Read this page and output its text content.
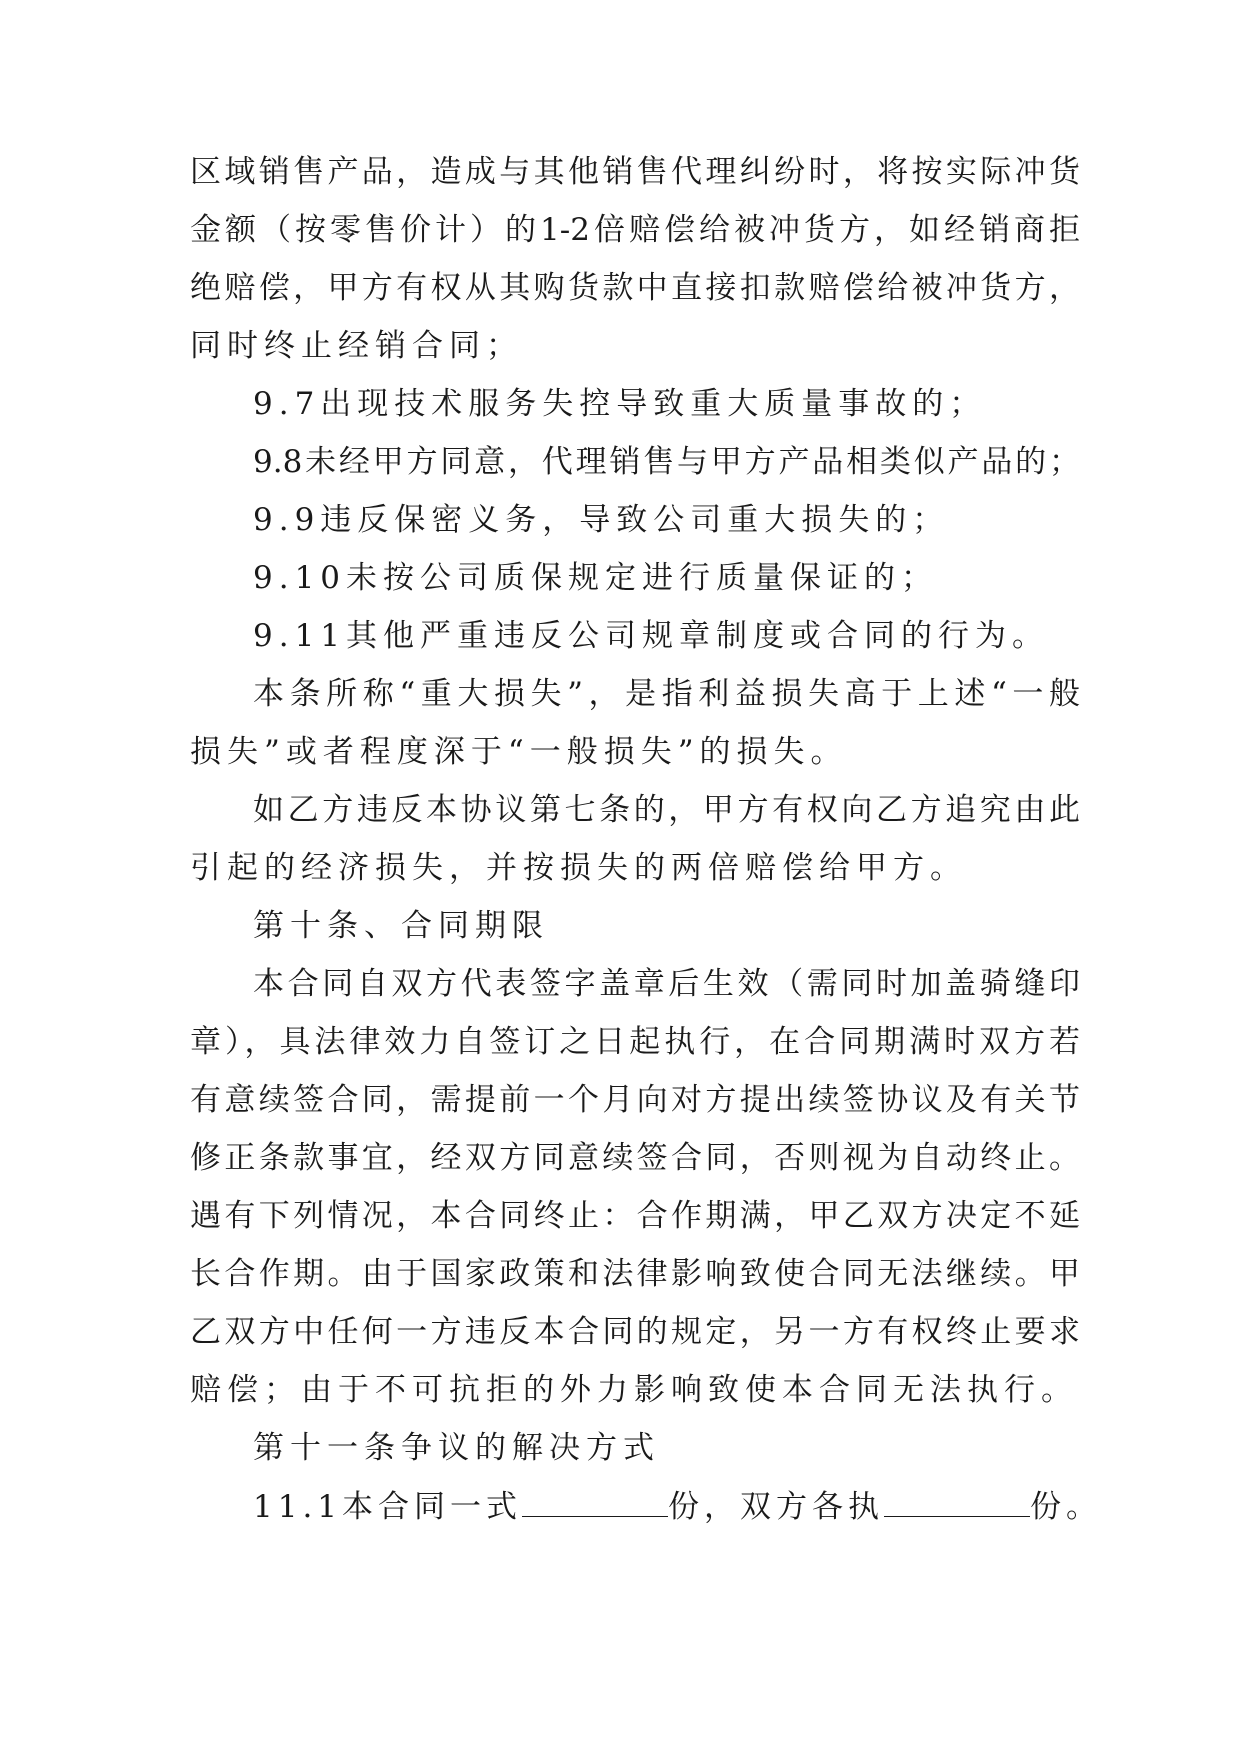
区域销售产品，造成与其他销售代理纠纷时，将按实际冲货
金额（按零售价计）的1-2倍赔偿给被冲货方，如经销商拒
绝赔偿，甲方有权从其购货款中直接扣款赔偿给被冲货方，
同时终止经销合同；
9.7出现技术服务失控导致重大质量事故的；
9.8未经甲方同意，代理销售与甲方产品相类似产品的；
9.9违反保密义务，导致公司重大损失的；
9.10未按公司质保规定进行质量保证的；
9.11其他严重违反公司规章制度或合同的行为。
本条所称“重大损失”，是指利益损失高于上述“一般
损失”或者程度深于“一般损失”的损失。
如乙方违反本协议第七条的，甲方有权向乙方追究由此
引起的经济损失，并按损失的两倍赔偿给甲方。
第十条、合同期限
本合同自双方代表签字盖章后生效（需同时加盖骑缝印
章），具法律效力自签订之日起执行，在合同期满时双方若
有意续签合同，需提前一个月向对方提出续签协议及有关节
修正条款事宜，经双方同意续签合同，否则视为自动终止。
遇有下列情况，本合同终止：合作期满，甲乙双方决定不延
长合作期。由于国家政策和法律影响致使合同无法继续。甲
乙双方中任何一方违反本合同的规定，另一方有权终止要求
赔偿；由于不可抗拒的外力影响致使本合同无法执行。
第十一条争议的解决方式
11.1本合同一式	份，双方各执	份。
